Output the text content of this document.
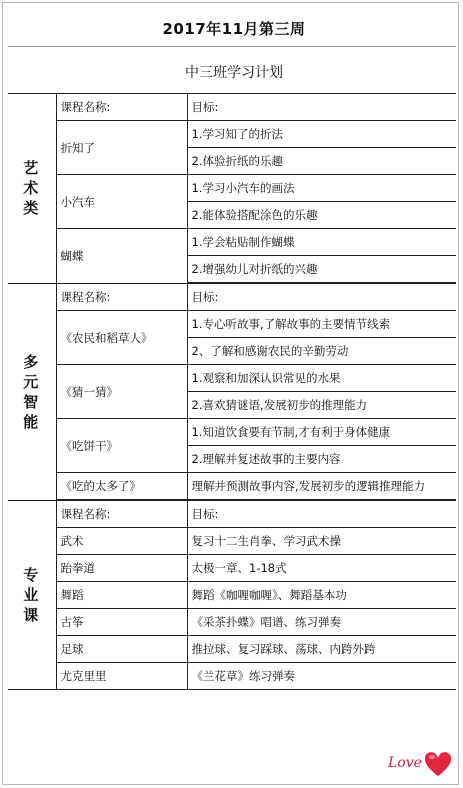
2017年11月第三周
中三班学习计划
艺
术
类	课程名称:	目标:
	折知了	1.学习知了的折法
		2.体验折纸的乐趣
	小汽车	1.学习小汽车的画法
		2.能体验搭配涂色的乐趣
	蝴蝶	1.学会粘贴制作蝴蝶
		2.增强幼儿对折纸的兴趣

多
元
智
能	课程名称:	目标:
	《农民和稻草人》	1.专心听故事,了解故事的主要情节线索
		2、了解和感谢农民的辛勤劳动
	《猜一猜》	1.观察和加深认识常见的水果
		2.喜欢猜谜语,发展初步的推理能力
	《吃饼干》	1.知道饮食要有节制,才有利于身体健康
		2.理解并复述故事的主要内容
	《吃的太多了》	理解并预测故事内容,发展初步的逻辑推理能力

专
业
课	课程名称:	目标:
	武术	复习十二生肖拳、学习武术操
	跆拳道	太极一章、1-18式
	舞蹈	舞蹈《咖喱咖喱》、舞蹈基本功
	古筝	《采茶扑蝶》唱谱、练习弹奏
	足球	推拉球、复习踩球、荡球、内跨外跨
	尤克里里	《兰花草》练习弹奏
Love
